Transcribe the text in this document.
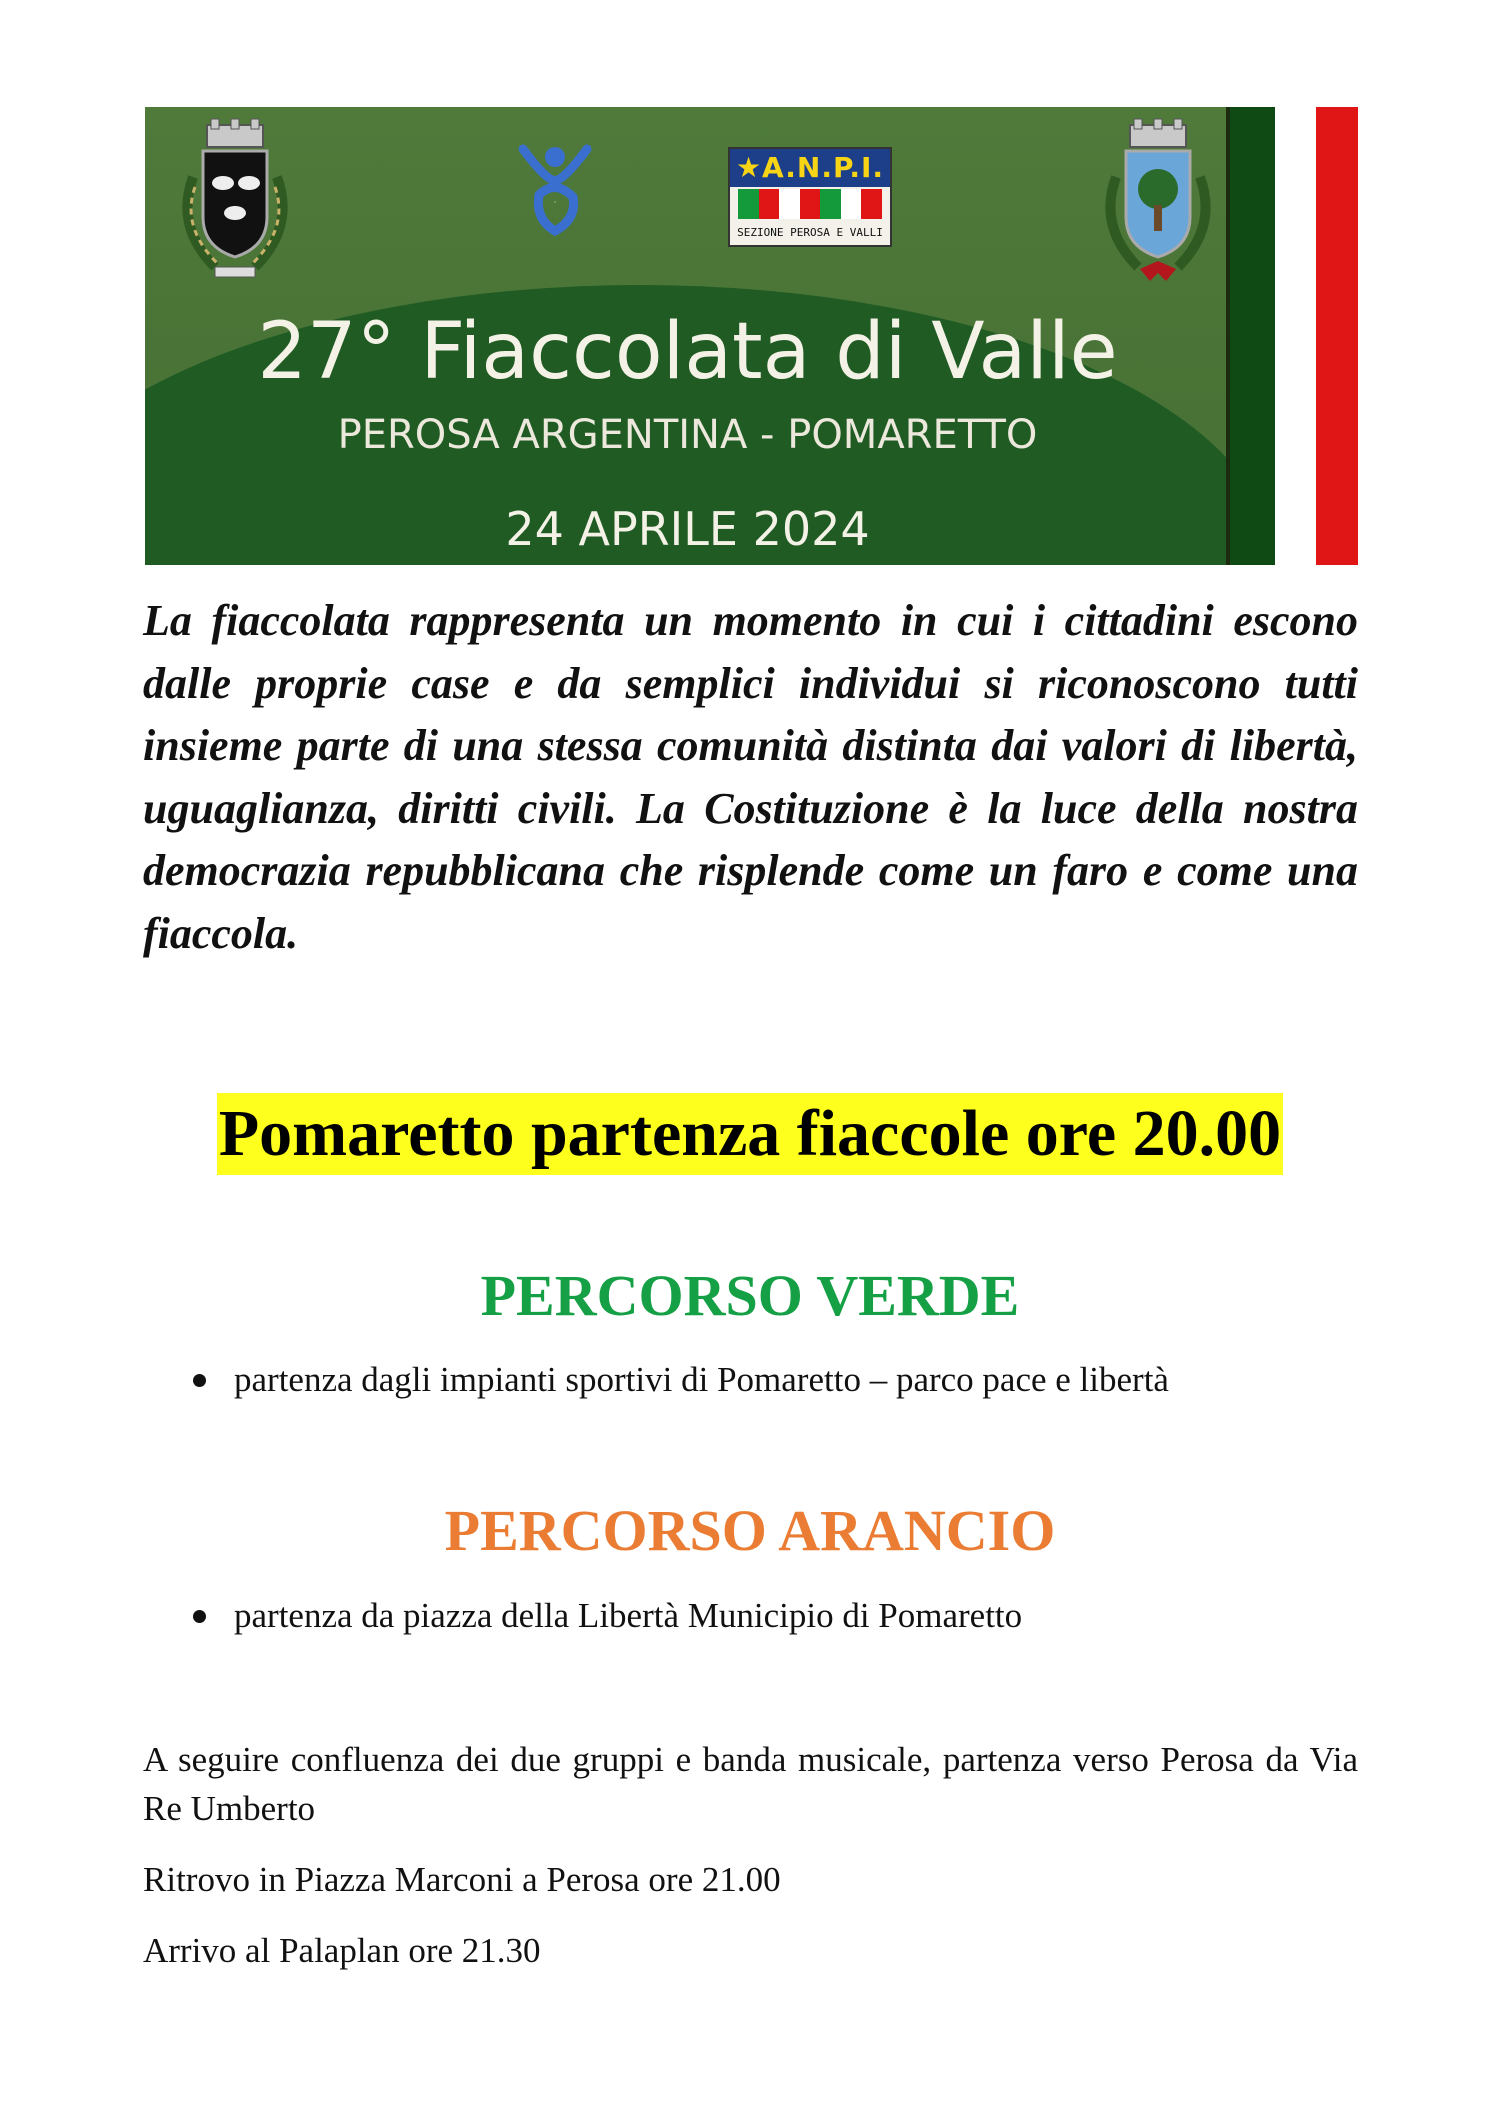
·
★A.N.P.I.
SEZIONE PEROSA E VALLI
27° Fiaccolata di Valle
PEROSA ARGENTINA - POMARETTO
24 APRILE 2024

La fiaccolata rappresenta un momento in cui i cittadini escono dalle proprie case e da semplici individui si riconoscono tutti insieme parte di una stessa comunità distinta dai valori di libertà, uguaglianza, diritti civili. La Costituzione è la luce della nostra democrazia repubblicana che risplende come un faro e come una fiaccola.

Pomaretto partenza fiaccole ore 20.00
PERCORSO VERDE
partenza dagli impianti sportivi di Pomaretto – parco pace e libertà
PERCORSO ARANCIO
partenza da piazza della Libertà Municipio di Pomaretto

A seguire confluenza dei due gruppi e banda musicale, partenza verso Perosa da Via Re Umberto

Ritrovo in Piazza Marconi a Perosa ore 21.00

Arrivo al Palaplan ore 21.30
